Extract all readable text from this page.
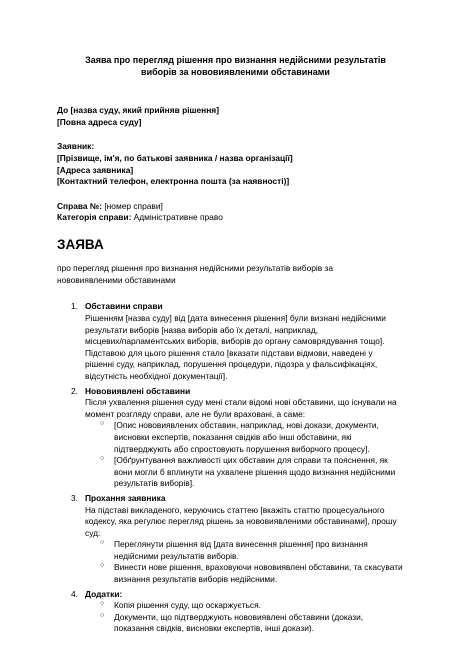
Заява про перегляд рішення про визнання недійсними результатів
виборів за нововиявленими обставинами
До [назва суду, який прийняв рішення]
[Повна адреса суду]
Заявник:
[Прізвище, ім'я, по батькові заявника / назва організації]
[Адреса заявника]
[Контактний телефон, електронна пошта (за наявності)]
Справа №: [номер справи]
Категорія справи: Адміністративне право
ЗАЯВА
про перегляд рішення про визнання недійсними результатів виборів за
нововиявленими обставинами
1. Обставини справи
Рішенням [назва суду] від [дата винесення рішення] були визнані недійсними
результати виборів [назва виборів або їх деталі, наприклад,
місцевих/парламентських виборів, виборів до органу самоврядування тощо].
Підставою для цього рішення стало [вказати підстави відмови, наведені у
рішенні суду, наприклад, порушення процедури, підозра у фальсифікаціях,
відсутність необхідної документації].
2. Нововиявлені обставини
Після ухвалення рішення суду мені стали відомі нові обставини, що існували на
момент розгляду справи, але не були враховані, а саме:
○ [Опис нововиявлених обставин, наприклад, нові докази, документи,
висновки експертів, показання свідків або інші обставини, які
підтверджують або спростовують порушення виборчого процесу].
○ [Обґрунтування важливості цих обставин для справи та пояснення, як
вони могли б вплинути на ухвалене рішення щодо визнання недійсними
результатів виборів].
3. Прохання заявника
На підставі викладеного, керуючись статтею [вкажіть статтю процесуального
кодексу, яка регулює перегляд рішень за нововиявленими обставинами], прошу
суд:
○ Переглянути рішення від [дата винесення рішення] про визнання
недійсними результатів виборів.
○ Винести нове рішення, враховуючи нововиявлені обставини, та скасувати
визнання результатів виборів недійсними.
4. Додатки:
○ Копія рішення суду, що оскаржується.
○ Документи, що підтверджують нововиявлені обставини (докази,
показання свідків, висновки експертів, інші докази).
